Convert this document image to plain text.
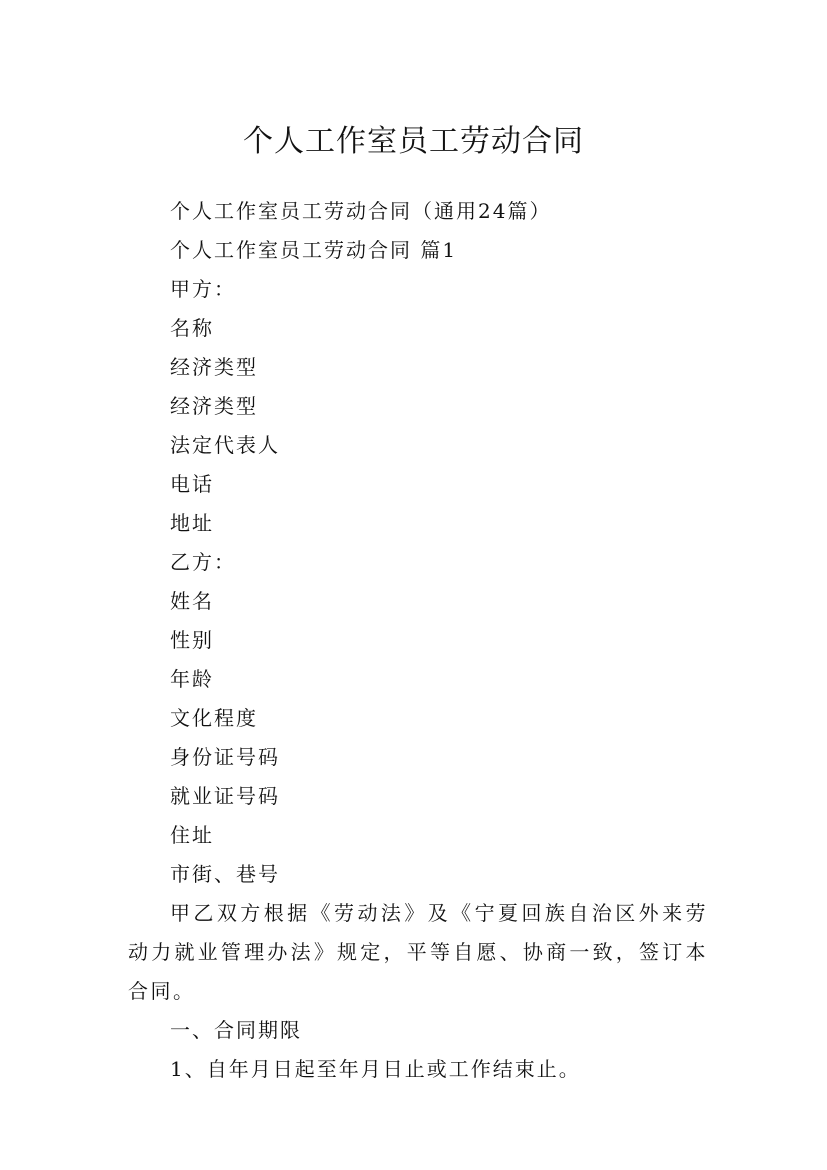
个人工作室员工劳动合同
个人工作室员工劳动合同（通用24篇）
个人工作室员工劳动合同 篇1
甲方：
名称
经济类型
经济类型
法定代表人
电话
地址
乙方：
姓名
性别
年龄
文化程度
身份证号码
就业证号码
住址
市街、巷号
甲乙双方根据《劳动法》及《宁夏回族自治区外来劳动力就业管理办法》规定，平等自愿、协商一致，签订本合同。
一、合同期限
1、自年月日起至年月日止或工作结束止。
